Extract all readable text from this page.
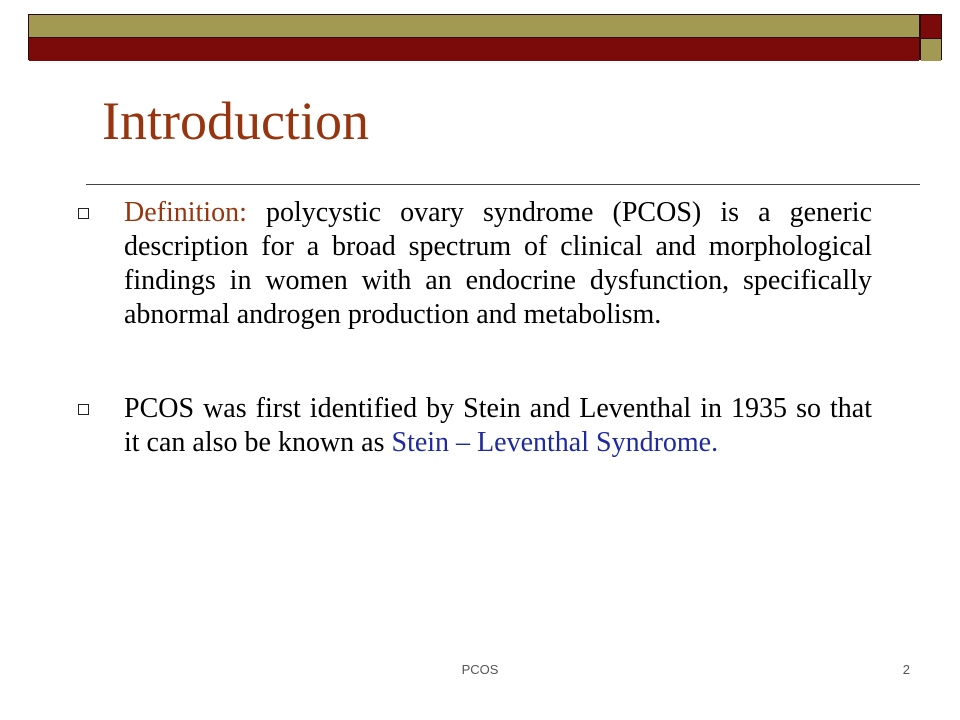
Introduction
Definition: polycystic ovary syndrome (PCOS) is a generic description for a broad spectrum of clinical and morphological findings in women with an endocrine dysfunction, specifically abnormal androgen production and metabolism.
PCOS was first identified by Stein and Leventhal in 1935 so that it can also be known as Stein – Leventhal Syndrome.
PCOS	2
